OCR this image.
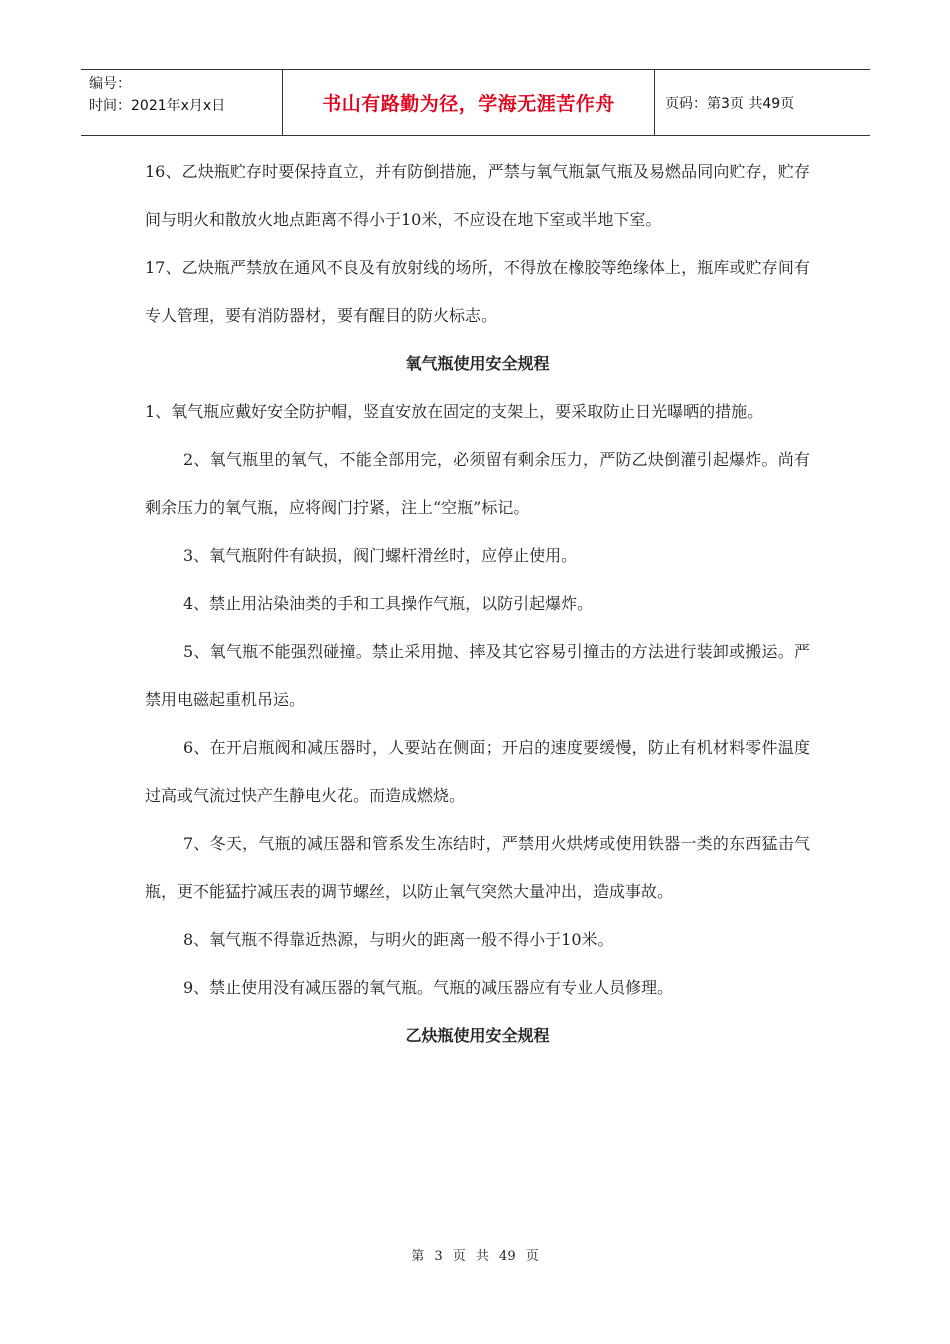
编号：
时间：2021年x月x日	书山有路勤为径，学海无涯苦作舟	页码：第3页 共49页

16、乙炔瓶贮存时要保持直立，并有防倒措施，严禁与氧气瓶氯气瓶及易燃品同向贮存，贮存间与明火和散放火地点距离不得小于10米，不应设在地下室或半地下室。

17、乙炔瓶严禁放在通风不良及有放射线的场所，不得放在橡胶等绝缘体上，瓶库或贮存间有专人管理，要有消防器材，要有醒目的防火标志。

氧气瓶使用安全规程

1、氧气瓶应戴好安全防护帽，竖直安放在固定的支架上，要采取防止日光曝晒的措施。

2、氧气瓶里的氧气，不能全部用完，必须留有剩余压力，严防乙炔倒灌引起爆炸。尚有剩余压力的氧气瓶，应将阀门拧紧，注上“空瓶”标记。

3、氧气瓶附件有缺损，阀门螺杆滑丝时，应停止使用。

4、禁止用沾染油类的手和工具操作气瓶，以防引起爆炸。

5、氧气瓶不能强烈碰撞。禁止采用抛、摔及其它容易引撞击的方法进行装卸或搬运。严禁用电磁起重机吊运。

6、在开启瓶阀和减压器时，人要站在侧面；开启的速度要缓慢，防止有机材料零件温度过高或气流过快产生静电火花。而造成燃烧。

7、冬天，气瓶的减压器和管系发生冻结时，严禁用火烘烤或使用铁器一类的东西猛击气瓶，更不能猛拧减压表的调节螺丝，以防止氧气突然大量冲出，造成事故。

8、氧气瓶不得靠近热源，与明火的距离一般不得小于10米。

9、禁止使用没有减压器的氧气瓶。气瓶的减压器应有专业人员修理。

乙炔瓶使用安全规程

第 3 页 共 49 页
